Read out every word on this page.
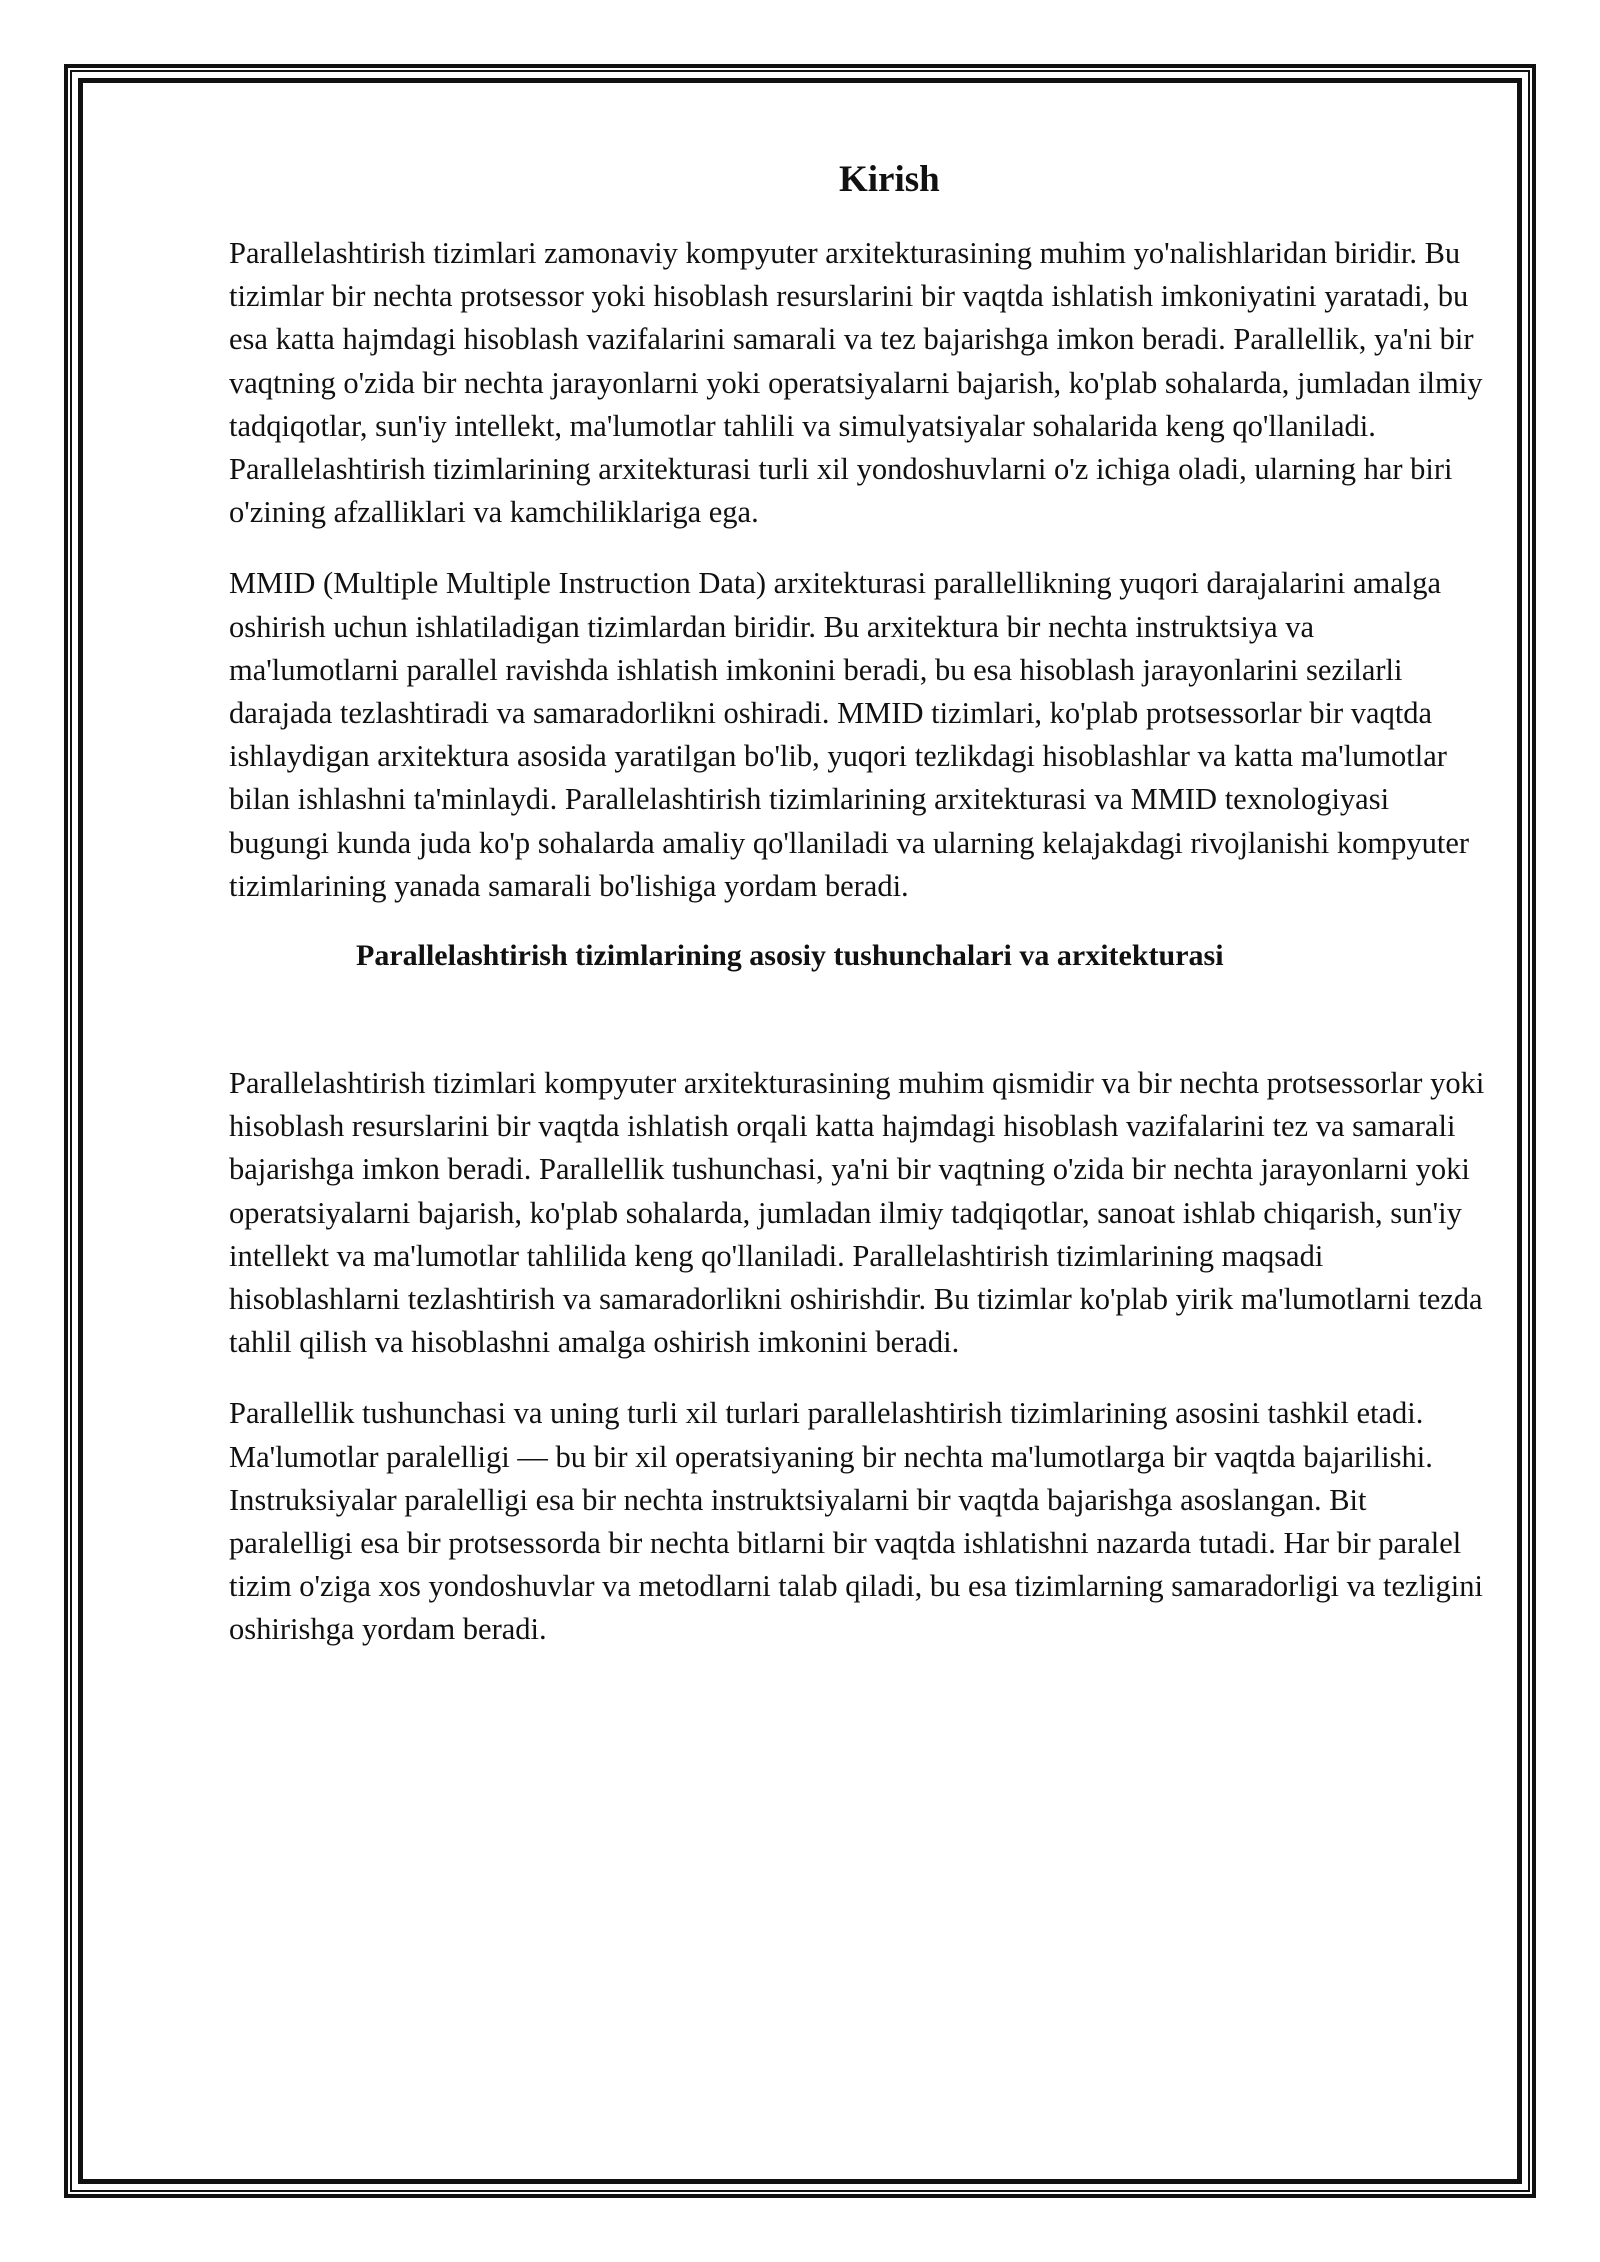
Kirish

Parallelashtirish tizimlari zamonaviy kompyuter arxitekturasining muhim yo'nalishlaridan biridir. Bu tizimlar bir nechta protsessor yoki hisoblash resurslarini bir vaqtda ishlatish imkoniyatini yaratadi, bu esa katta hajmdagi hisoblash vazifalarini samarali va tez bajarishga imkon beradi. Parallellik, ya'ni bir vaqtning o'zida bir nechta jarayonlarni yoki operatsiyalarni bajarish, ko'plab sohalarda, jumladan ilmiy tadqiqotlar, sun'iy intellekt, ma'lumotlar tahlili va simulyatsiyalar sohalarida keng qo'llaniladi. Parallelashtirish tizimlarining arxitekturasi turli xil yondoshuvlarni o'z ichiga oladi, ularning har biri o'zining afzalliklari va kamchiliklariga ega.

MMID (Multiple Multiple Instruction Data) arxitekturasi parallellikning yuqori darajalarini amalga oshirish uchun ishlatiladigan tizimlardan biridir. Bu arxitektura bir nechta instruktsiya va ma'lumotlarni parallel ravishda ishlatish imkonini beradi, bu esa hisoblash jarayonlarini sezilarli darajada tezlashtiradi va samaradorlikni oshiradi. MMID tizimlari, ko'plab protsessorlar bir vaqtda ishlaydigan arxitektura asosida yaratilgan bo'lib, yuqori tezlikdagi hisoblashlar va katta ma'lumotlar bilan ishlashni ta'minlaydi. Parallelashtirish tizimlarining arxitekturasi va MMID texnologiyasi bugungi kunda juda ko'p sohalarda amaliy qo'llaniladi va ularning kelajakdagi rivojlanishi kompyuter tizimlarining yanada samarali bo'lishiga yordam beradi.

Parallelashtirish tizimlarining asosiy tushunchalari va arxitekturasi

Parallelashtirish tizimlari kompyuter arxitekturasining muhim qismidir va bir nechta protsessorlar yoki hisoblash resurslarini bir vaqtda ishlatish orqali katta hajmdagi hisoblash vazifalarini tez va samarali bajarishga imkon beradi. Parallellik tushunchasi, ya'ni bir vaqtning o'zida bir nechta jarayonlarni yoki operatsiyalarni bajarish, ko'plab sohalarda, jumladan ilmiy tadqiqotlar, sanoat ishlab chiqarish, sun'iy intellekt va ma'lumotlar tahlilida keng qo'llaniladi. Parallelashtirish tizimlarining maqsadi hisoblashlarni tezlashtirish va samaradorlikni oshirishdir. Bu tizimlar ko'plab yirik ma'lumotlarni tezda tahlil qilish va hisoblashni amalga oshirish imkonini beradi.

Parallellik tushunchasi va uning turli xil turlari parallelashtirish tizimlarining asosini tashkil etadi. Ma'lumotlar paralelligi — bu bir xil operatsiyaning bir nechta ma'lumotlarga bir vaqtda bajarilishi. Instruksiyalar paralelligi esa bir nechta instruktsiyalarni bir vaqtda bajarishga asoslangan. Bit paralelligi esa bir protsessorda bir nechta bitlarni bir vaqtda ishlatishni nazarda tutadi. Har bir paralel tizim o'ziga xos yondoshuvlar va metodlarni talab qiladi, bu esa tizimlarning samaradorligi va tezligini oshirishga yordam beradi.
